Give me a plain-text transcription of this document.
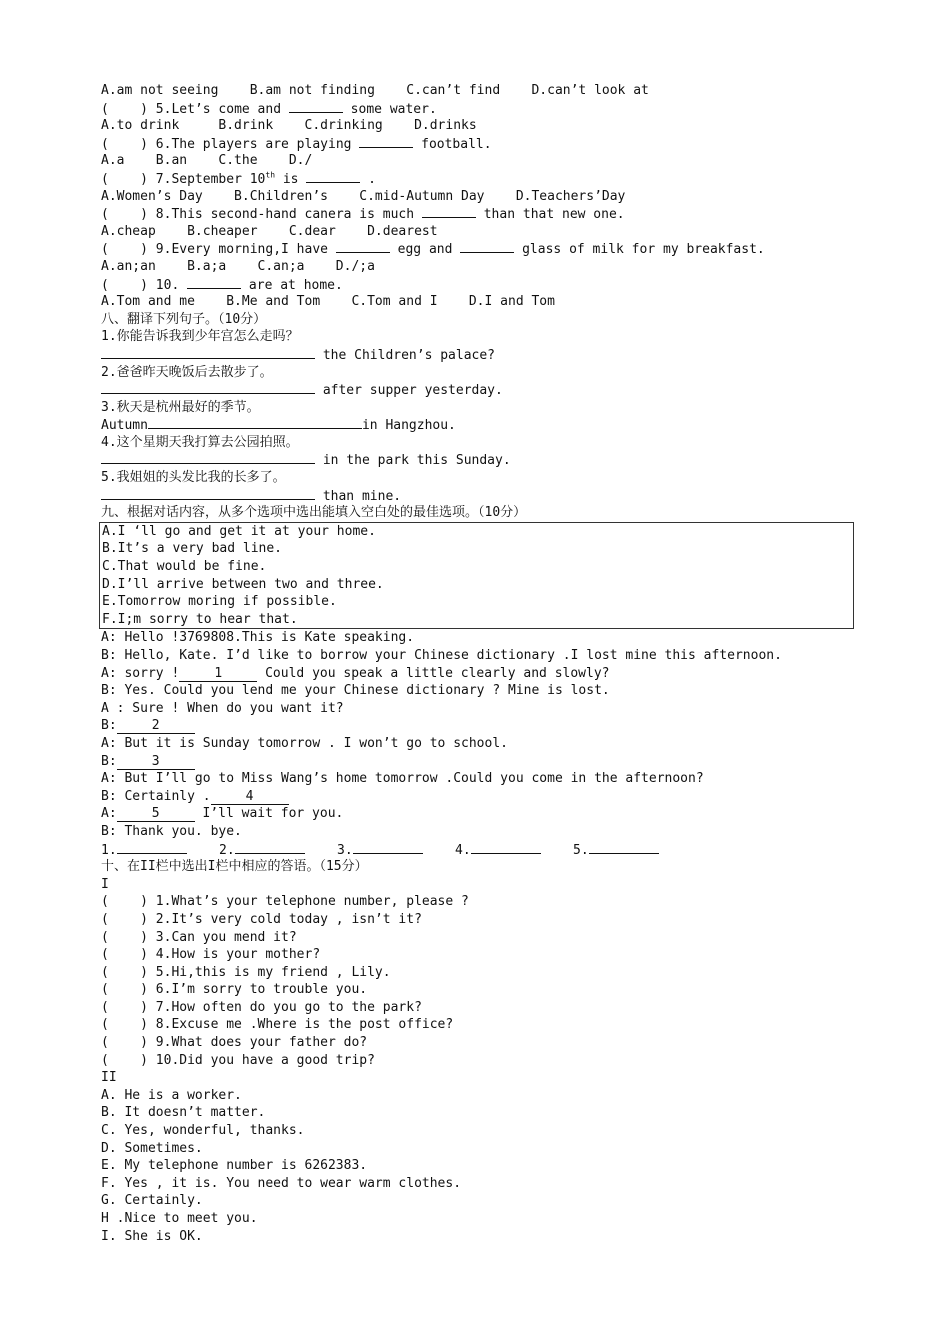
A.am not seeing    B.am not finding    C.can’t find    D.can’t look at
(    ) 5.Let’s come and	some water.
A.to drink     B.drink    C.drinking    D.drinks
(    ) 6.The players are playing	football.
A.a    B.an    C.the    D./
(    ) 7.September 10th is	.
A.Women’s Day    B.Children’s    C.mid-Autumn Day    D.Teachers’Day
(    ) 8.This second-hand canera is much	than that new one.
A.cheap    B.cheaper    C.dear    D.dearest
(    ) 9.Every morning,I have	egg and	glass of milk for my breakfast.
A.an;an    B.a;a    C.an;a    D./;a
(    ) 10.	are at home.
A.Tom and me    B.Me and Tom    C.Tom and I    D.I and Tom
八、翻译下列句子。（10分）
1.你能告诉我到少年宫怎么走吗？
the Children’s palace?
2.爸爸昨天晚饭后去散步了。
after supper yesterday.
3.秋天是杭州最好的季节。
Autumn	in Hangzhou.
4.这个星期天我打算去公园拍照。
in the park this Sunday.
5.我姐姐的头发比我的长多了。
than mine.
九、根据对话内容，从多个选项中选出能填入空白处的最佳选项。（10分）
A.I ‘ll go and get it at your home.
B.It’s a very bad line.
C.That would be fine.
D.I’ll arrive between two and three.
E.Tomorrow moring if possible.
F.I;m sorry to hear that.
A: Hello !3769808.This is Kate speaking.
B: Hello, Kate. I’d like to borrow your Chinese dictionary .I lost mine this afternoon.
A: sorry !	1	Could you speak a little clearly and slowly?
B: Yes. Could you lend me your Chinese dictionary ? Mine is lost.
A : Sure ! When do you want it?
B:	2
A: But it is Sunday tomorrow . I won’t go to school.
B:	3
A: But I’ll go to Miss Wang’s home tomorrow .Could you come in the afternoon?
B: Certainly .	4
A:	5	I’ll wait for you.
B: Thank you. bye.
1.	2.	3.	4.	5.
十、在II栏中选出I栏中相应的答语。（15分）
I
(    ) 1.What’s your telephone number, please ?
(    ) 2.It’s very cold today , isn’t it?
(    ) 3.Can you mend it?
(    ) 4.How is your mother?
(    ) 5.Hi,this is my friend , Lily.
(    ) 6.I’m sorry to trouble you.
(    ) 7.How often do you go to the park?
(    ) 8.Excuse me .Where is the post office?
(    ) 9.What does your father do?
(    ) 10.Did you have a good trip?
II
A. He is a worker.
B. It doesn’t matter.
C. Yes, wonderful, thanks.
D. Sometimes.
E. My telephone number is 6262383.
F. Yes , it is. You need to wear warm clothes.
G. Certainly.
H .Nice to meet you.
I. She is OK.
